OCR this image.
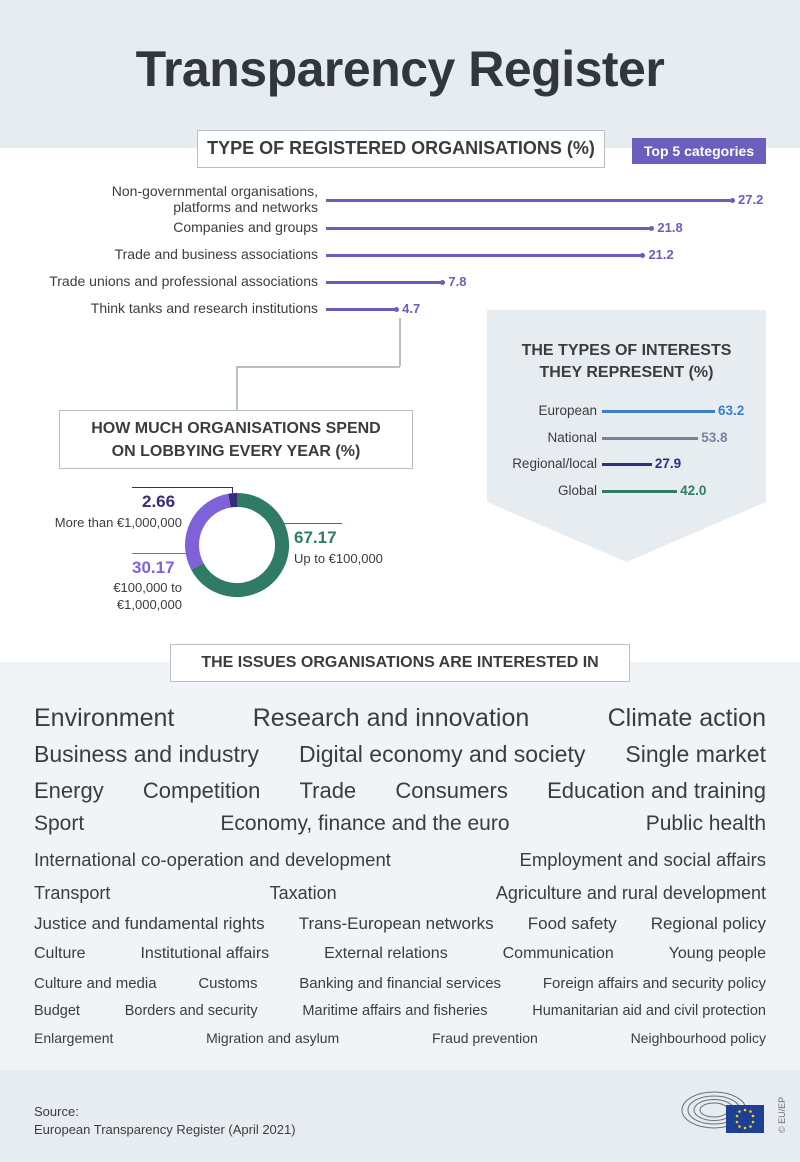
Transparency Register
TYPE OF REGISTERED ORGANISATIONS (%)	Top 5 categories
Non-governmental organisations,
platforms and networks	27.2
Companies and groups	21.8
Trade and business associations	21.2
Trade unions and professional associations	7.8
Think tanks and research institutions	4.7
THE TYPES OF INTERESTS
THEY REPRESENT (%)
European	63.2
National	53.8
Regional/local	27.9
Global	42.0
HOW MUCH ORGANISATIONS SPEND
ON LOBBYING EVERY YEAR (%)
67.17
Up to €100,000
30.17
€100,000 to
€1,000,000
2.66
More than €1,000,000
THE ISSUES ORGANISATIONS ARE INTERESTED IN
Environment	Research and innovation	Climate action
Business and industry Digital economy and society Single market
Energy Competition Trade Consumers Education and training
Sport	Economy, finance and the euro	Public health
International co-operation and development	Employment and social affairs
Transport	Taxation	Agriculture and rural development
Justice and fundamental rights Trans-European networks Food safety Regional policy
Culture	Institutional affairs	External relations	Communication	Young people
Culture and media	Customs	Banking and financial services	Foreign affairs and security policy
Budget	Borders and security	Maritime affairs and fisheries	Humanitarian aid and civil protection
Enlargement	Migration and asylum	Fraud prevention	Neighbourhood policy
Source:
European Transparency Register (April 2021)	© EU/EP
